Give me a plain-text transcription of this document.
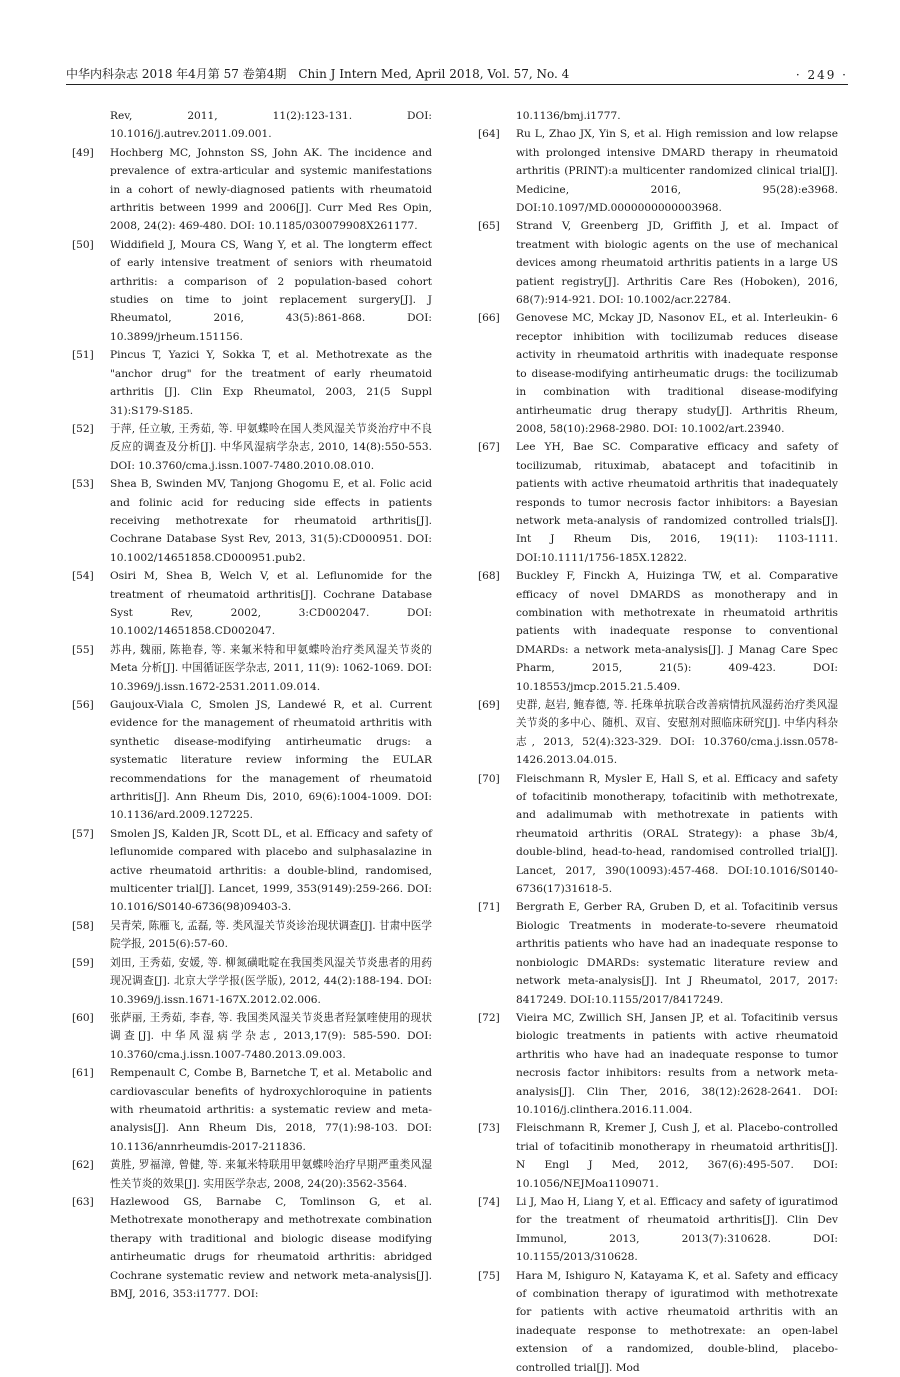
中华内科杂志 2018 年4月第 57 卷第4期　Chin J Intern Med, April 2018, Vol. 57, No. 4	· 249 ·
Rev, 2011, 11(2):123-131. DOI: 10.1016/j.autrev.2011.09.001.
[49]	Hochberg MC, Johnston SS, John AK. The incidence and prevalence of extra-articular and systemic manifestations in a cohort of newly-diagnosed patients with rheumatoid arthritis between 1999 and 2006[J]. Curr Med Res Opin, 2008, 24(2): 469-480. DOI: 10.1185/030079908X261177.
[50]	Widdifield J, Moura CS, Wang Y, et al. The longterm effect of early intensive treatment of seniors with rheumatoid arthritis: a comparison of 2 population-based cohort studies on time to joint replacement surgery[J]. J Rheumatol, 2016, 43(5):861-868. DOI: 10.3899/jrheum.151156.
[51]	Pincus T, Yazici Y, Sokka T, et al. Methotrexate as the "anchor drug" for the treatment of early rheumatoid arthritis [J]. Clin Exp Rheumatol, 2003, 21(5 Suppl 31):S179-S185.
[52]	于萍, 任立敏, 王秀茹, 等. 甲氨蝶呤在国人类风湿关节炎治疗中不良反应的调查及分析[J]. 中华风湿病学杂志, 2010, 14(8):550-553. DOI: 10.3760/cma.j.issn.1007-7480.2010.08.010.
[53]	Shea B, Swinden MV, Tanjong Ghogomu E, et al. Folic acid and folinic acid for reducing side effects in patients receiving methotrexate for rheumatoid arthritis[J]. Cochrane Database Syst Rev, 2013, 31(5):CD000951. DOI: 10.1002/14651858.CD000951.pub2.
[54]	Osiri M, Shea B, Welch V, et al. Leflunomide for the treatment of rheumatoid arthritis[J]. Cochrane Database Syst Rev, 2002, 3:CD002047. DOI: 10.1002/14651858.CD002047.
[55]	苏冉, 魏丽, 陈艳春, 等. 来氟米特和甲氨蝶呤治疗类风湿关节炎的 Meta 分析[J]. 中国循证医学杂志, 2011, 11(9): 1062-1069. DOI: 10.3969/j.issn.1672-2531.2011.09.014.
[56]	Gaujoux-Viala C, Smolen JS, Landewé R, et al. Current evidence for the management of rheumatoid arthritis with synthetic disease-modifying antirheumatic drugs: a systematic literature review informing the EULAR recommendations for the management of rheumatoid arthritis[J]. Ann Rheum Dis, 2010, 69(6):1004-1009. DOI: 10.1136/ard.2009.127225.
[57]	Smolen JS, Kalden JR, Scott DL, et al. Efficacy and safety of leflunomide compared with placebo and sulphasalazine in active rheumatoid arthritis: a double-blind, randomised, multicenter trial[J]. Lancet, 1999, 353(9149):259-266. DOI: 10.1016/S0140-6736(98)09403-3.
[58]	吴青荣, 陈雁飞, 孟磊, 等. 类风湿关节炎诊治现状调查[J]. 甘肃中医学院学报, 2015(6):57-60.
[59]	刘田, 王秀茹, 安媛, 等. 柳氮磺吡啶在我国类风湿关节炎患者的用药现况调查[J]. 北京大学学报(医学版), 2012, 44(2):188-194. DOI: 10.3969/j.issn.1671-167X.2012.02.006.
[60]	张萨丽, 王秀茹, 李春, 等. 我国类风湿关节炎患者羟氯喹使用的现状调查[J]. 中华风湿病学杂志, 2013,17(9): 585-590. DOI: 10.3760/cma.j.issn.1007-7480.2013.09.003.
[61]	Rempenault C, Combe B, Barnetche T, et al. Metabolic and cardiovascular benefits of hydroxychloroquine in patients with rheumatoid arthritis: a systematic review and meta-analysis[J]. Ann Rheum Dis, 2018, 77(1):98-103. DOI: 10.1136/annrheumdis-2017-211836.
[62]	黄胜, 罗福漳, 曾健, 等. 来氟米特联用甲氨蝶呤治疗早期严重类风湿性关节炎的效果[J]. 实用医学杂志, 2008, 24(20):3562-3564.
[63]	Hazlewood GS, Barnabe C, Tomlinson G, et al. Methotrexate monotherapy and methotrexate combination therapy with traditional and biologic disease modifying antirheumatic drugs for rheumatoid arthritis: abridged Cochrane systematic review and network meta-analysis[J]. BMJ, 2016, 353:i1777. DOI:
10.1136/bmj.i1777.
[64]	Ru L, Zhao JX, Yin S, et al. High remission and low relapse with prolonged intensive DMARD therapy in rheumatoid arthritis (PRINT):a multicenter randomized clinical trial[J]. Medicine, 2016, 95(28):e3968. DOI:10.1097/MD.0000000000003968.
[65]	Strand V, Greenberg JD, Griffith J, et al. Impact of treatment with biologic agents on the use of mechanical devices among rheumatoid arthritis patients in a large US patient registry[J]. Arthritis Care Res (Hoboken), 2016, 68(7):914-921. DOI: 10.1002/acr.22784.
[66]	Genovese MC, Mckay JD, Nasonov EL, et al. Interleukin- 6 receptor inhibition with tocilizumab reduces disease activity in rheumatoid arthritis with inadequate response to disease-modifying antirheumatic drugs: the tocilizumab in combination with traditional disease-modifying antirheumatic drug therapy study[J]. Arthritis Rheum, 2008, 58(10):2968-2980. DOI: 10.1002/art.23940.
[67]	Lee YH, Bae SC. Comparative efficacy and safety of tocilizumab, rituximab, abatacept and tofacitinib in patients with active rheumatoid arthritis that inadequately responds to tumor necrosis factor inhibitors: a Bayesian network meta-analysis of randomized controlled trials[J]. Int J Rheum Dis, 2016, 19(11): 1103-1111. DOI:10.1111/1756-185X.12822.
[68]	Buckley F, Finckh A, Huizinga TW, et al. Comparative efficacy of novel DMARDS as monotherapy and in combination with methotrexate in rheumatoid arthritis patients with inadequate response to conventional DMARDs: a network meta-analysis[J]. J Manag Care Spec Pharm, 2015, 21(5): 409-423. DOI: 10.18553/jmcp.2015.21.5.409.
[69]	史群, 赵岩, 鲍春德, 等. 托珠单抗联合改善病情抗风湿药治疗类风湿关节炎的多中心、随机、双盲、安慰剂对照临床研究[J]. 中华内科杂志, 2013, 52(4):323-329. DOI: 10.3760/cma.j.issn.0578-1426.2013.04.015.
[70]	Fleischmann R, Mysler E, Hall S, et al. Efficacy and safety of tofacitinib monotherapy, tofacitinib with methotrexate, and adalimumab with methotrexate in patients with rheumatoid arthritis (ORAL Strategy): a phase 3b/4, double-blind, head-to-head, randomised controlled trial[J]. Lancet, 2017, 390(10093):457-468. DOI:10.1016/S0140-6736(17)31618-5.
[71]	Bergrath E, Gerber RA, Gruben D, et al. Tofacitinib versus Biologic Treatments in moderate-to-severe rheumatoid arthritis patients who have had an inadequate response to nonbiologic DMARDs: systematic literature review and network meta-analysis[J]. Int J Rheumatol, 2017, 2017: 8417249. DOI:10.1155/2017/8417249.
[72]	Vieira MC, Zwillich SH, Jansen JP, et al. Tofacitinib versus biologic treatments in patients with active rheumatoid arthritis who have had an inadequate response to tumor necrosis factor inhibitors: results from a network meta-analysis[J]. Clin Ther, 2016, 38(12):2628-2641. DOI: 10.1016/j.clinthera.2016.11.004.
[73]	Fleischmann R, Kremer J, Cush J, et al. Placebo-controlled trial of tofacitinib monotherapy in rheumatoid arthritis[J]. N Engl J Med, 2012, 367(6):495-507. DOI: 10.1056/NEJMoa1109071.
[74]	Li J, Mao H, Liang Y, et al. Efficacy and safety of iguratimod for the treatment of rheumatoid arthritis[J]. Clin Dev Immunol, 2013, 2013(7):310628. DOI: 10.1155/2013/310628.
[75]	Hara M, Ishiguro N, Katayama K, et al. Safety and efficacy of combination therapy of iguratimod with methotrexate for patients with active rheumatoid arthritis with an inadequate response to methotrexate: an open-label extension of a randomized, double-blind, placebo-controlled trial[J]. Mod
